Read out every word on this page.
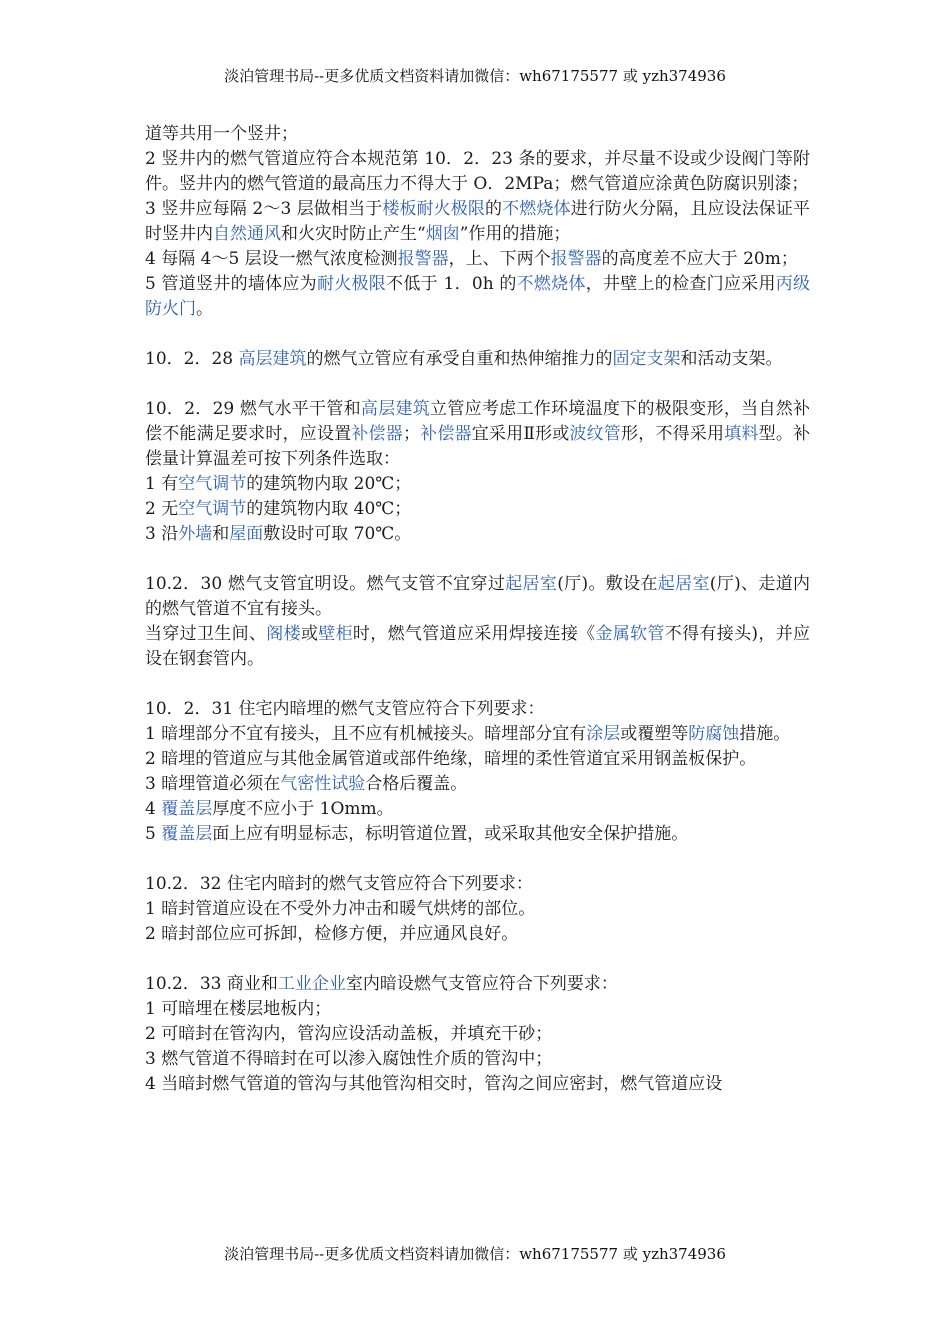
淡泊管理书局--更多优质文档资料请加微信：wh67175577 或 yzh374936

道等共用一个竖井；

2 竖井内的燃气管道应符合本规范第 10．2．23 条的要求，并尽量不设或少设阀门等附件。竖井内的燃气管道的最高压力不得大于 O．2MPa；燃气管道应涂黄色防腐识别漆；

3 竖井应每隔 2～3 层做相当于楼板耐火极限的不燃烧体进行防火分隔，且应设法保证平时竖井内自然通风和火灾时防止产生“烟囱”作用的措施；

4 每隔 4～5 层设一燃气浓度检测报警器，上、下两个报警器的高度差不应大于 20m；

5 管道竖井的墙体应为耐火极限不低于 1．0h 的不燃烧体，井壁上的检查门应采用丙级防火门。

10．2．28 高层建筑的燃气立管应有承受自重和热伸缩推力的固定支架和活动支架。

10．2．29 燃气水平干管和高层建筑立管应考虑工作环境温度下的极限变形，当自然补偿不能满足要求时，应设置补偿器；补偿器宜采用Ⅱ形或波纹管形，不得采用填料型。补偿量计算温差可按下列条件选取：

1 有空气调节的建筑物内取 20℃；

2 无空气调节的建筑物内取 40℃；

3 沿外墙和屋面敷设时可取 70℃。

10.2．30 燃气支管宜明设。燃气支管不宜穿过起居室(厅)。敷设在起居室(厅)、走道内的燃气管道不宜有接头。

当穿过卫生间、阁楼或壁柜时，燃气管道应采用焊接连接《金属软管不得有接头)，并应设在钢套管内。

10．2．31 住宅内暗埋的燃气支管应符合下列要求：

1 暗埋部分不宜有接头，且不应有机械接头。暗埋部分宜有涂层或覆塑等防腐蚀措施。

2 暗埋的管道应与其他金属管道或部件绝缘，暗埋的柔性管道宜采用钢盖板保护。

3 暗埋管道必须在气密性试验合格后覆盖。

4 覆盖层厚度不应小于 1Omm。

5 覆盖层面上应有明显标志，标明管道位置，或采取其他安全保护措施。

10.2．32 住宅内暗封的燃气支管应符合下列要求：

1 暗封管道应设在不受外力冲击和暖气烘烤的部位。

2 暗封部位应可拆卸，检修方便，并应通风良好。

10.2．33 商业和工业企业室内暗设燃气支管应符合下列要求：

1 可暗埋在楼层地板内；

2 可暗封在管沟内，管沟应设活动盖板，并填充干砂；

3 燃气管道不得暗封在可以渗入腐蚀性介质的管沟中；

4 当暗封燃气管道的管沟与其他管沟相交时，管沟之间应密封，燃气管道应设

淡泊管理书局--更多优质文档资料请加微信：wh67175577 或 yzh374936
